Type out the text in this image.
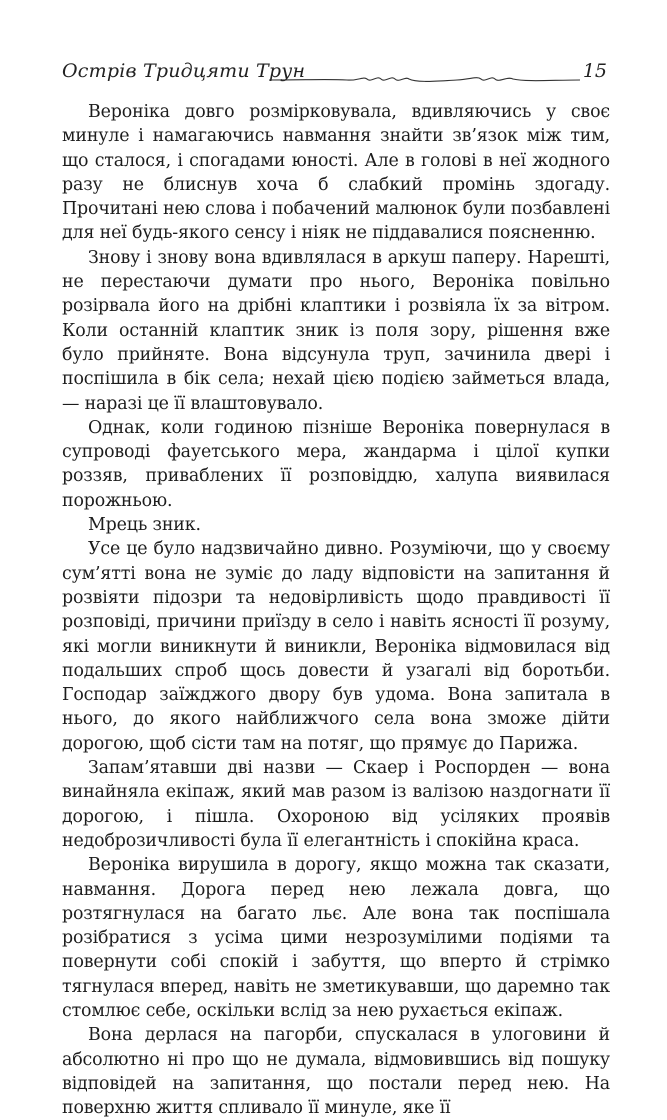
Острів Тридцяти Трун	15

Вероніка довго розмірковувала, вдивляючись у своє минуле і намагаючись навмання знайти зв’язок між тим, що сталося, і спогадами юності. Але в голові в неї жодного разу не блиснув хоча б слабкий промінь здогаду. Прочитані нею слова і побачений малюнок були позбавлені для неї будь-якого сенсу і ніяк не піддавалися поясненню.

Знову і знову вона вдивлялася в аркуш паперу. Нарешті, не перестаючи думати про нього, Вероніка повільно розірвала його на дрібні клаптики і розвіяла їх за вітром. Коли останній клаптик зник із поля зору, рішення вже було прийняте. Вона відсунула труп, зачинила двері і поспішила в бік села; нехай цією подією займеться влада, — наразі це її влаштовувало.

Однак, коли годиною пізніше Вероніка повернулася в супроводі фауетського мера, жандарма і цілої купки роззяв, приваблених її розповіддю, халупа виявилася порожньою.

Мрець зник.

Усе це було надзвичайно дивно. Розуміючи, що у своєму сум’ятті вона не зуміє до ладу відповісти на запитання й розвіяти підозри та недовірливість щодо правдивості її розповіді, причини приїзду в село і навіть ясності її розуму, які могли виникнути й виникли, Вероніка відмовилася від подальших спроб щось довести й узагалі від боротьби. Господар заїжджого двору був удома. Вона запитала в нього, до якого найближчого села вона зможе дійти дорогою, щоб сісти там на потяг, що прямує до Парижа.

Запам’ятавши дві назви — Скаер і Роспорден — вона винайняла екіпаж, який мав разом із валізою наздогнати її дорогою, і пішла. Охороною від усіляких проявів недоброзичливості була її елегантність і спокійна краса.

Вероніка вирушила в дорогу, якщо можна так сказати, навмання. Дорога перед нею лежала довга, що розтягнулася на багато льє. Але вона так поспішала розібратися з усіма цими незрозумілими подіями та повернути собі спокій і забуття, що вперто й стрімко тягнулася вперед, навіть не зметикувавши, що даремно так стомлює себе, оскільки вслід за нею рухається екіпаж.

Вона дерлася на пагорби, спускалася в улоговини й абсолютно ні про що не думала, відмовившись від пошуку відповідей на запитання, що постали перед нею. На поверхню життя спливало її минуле, яке її
